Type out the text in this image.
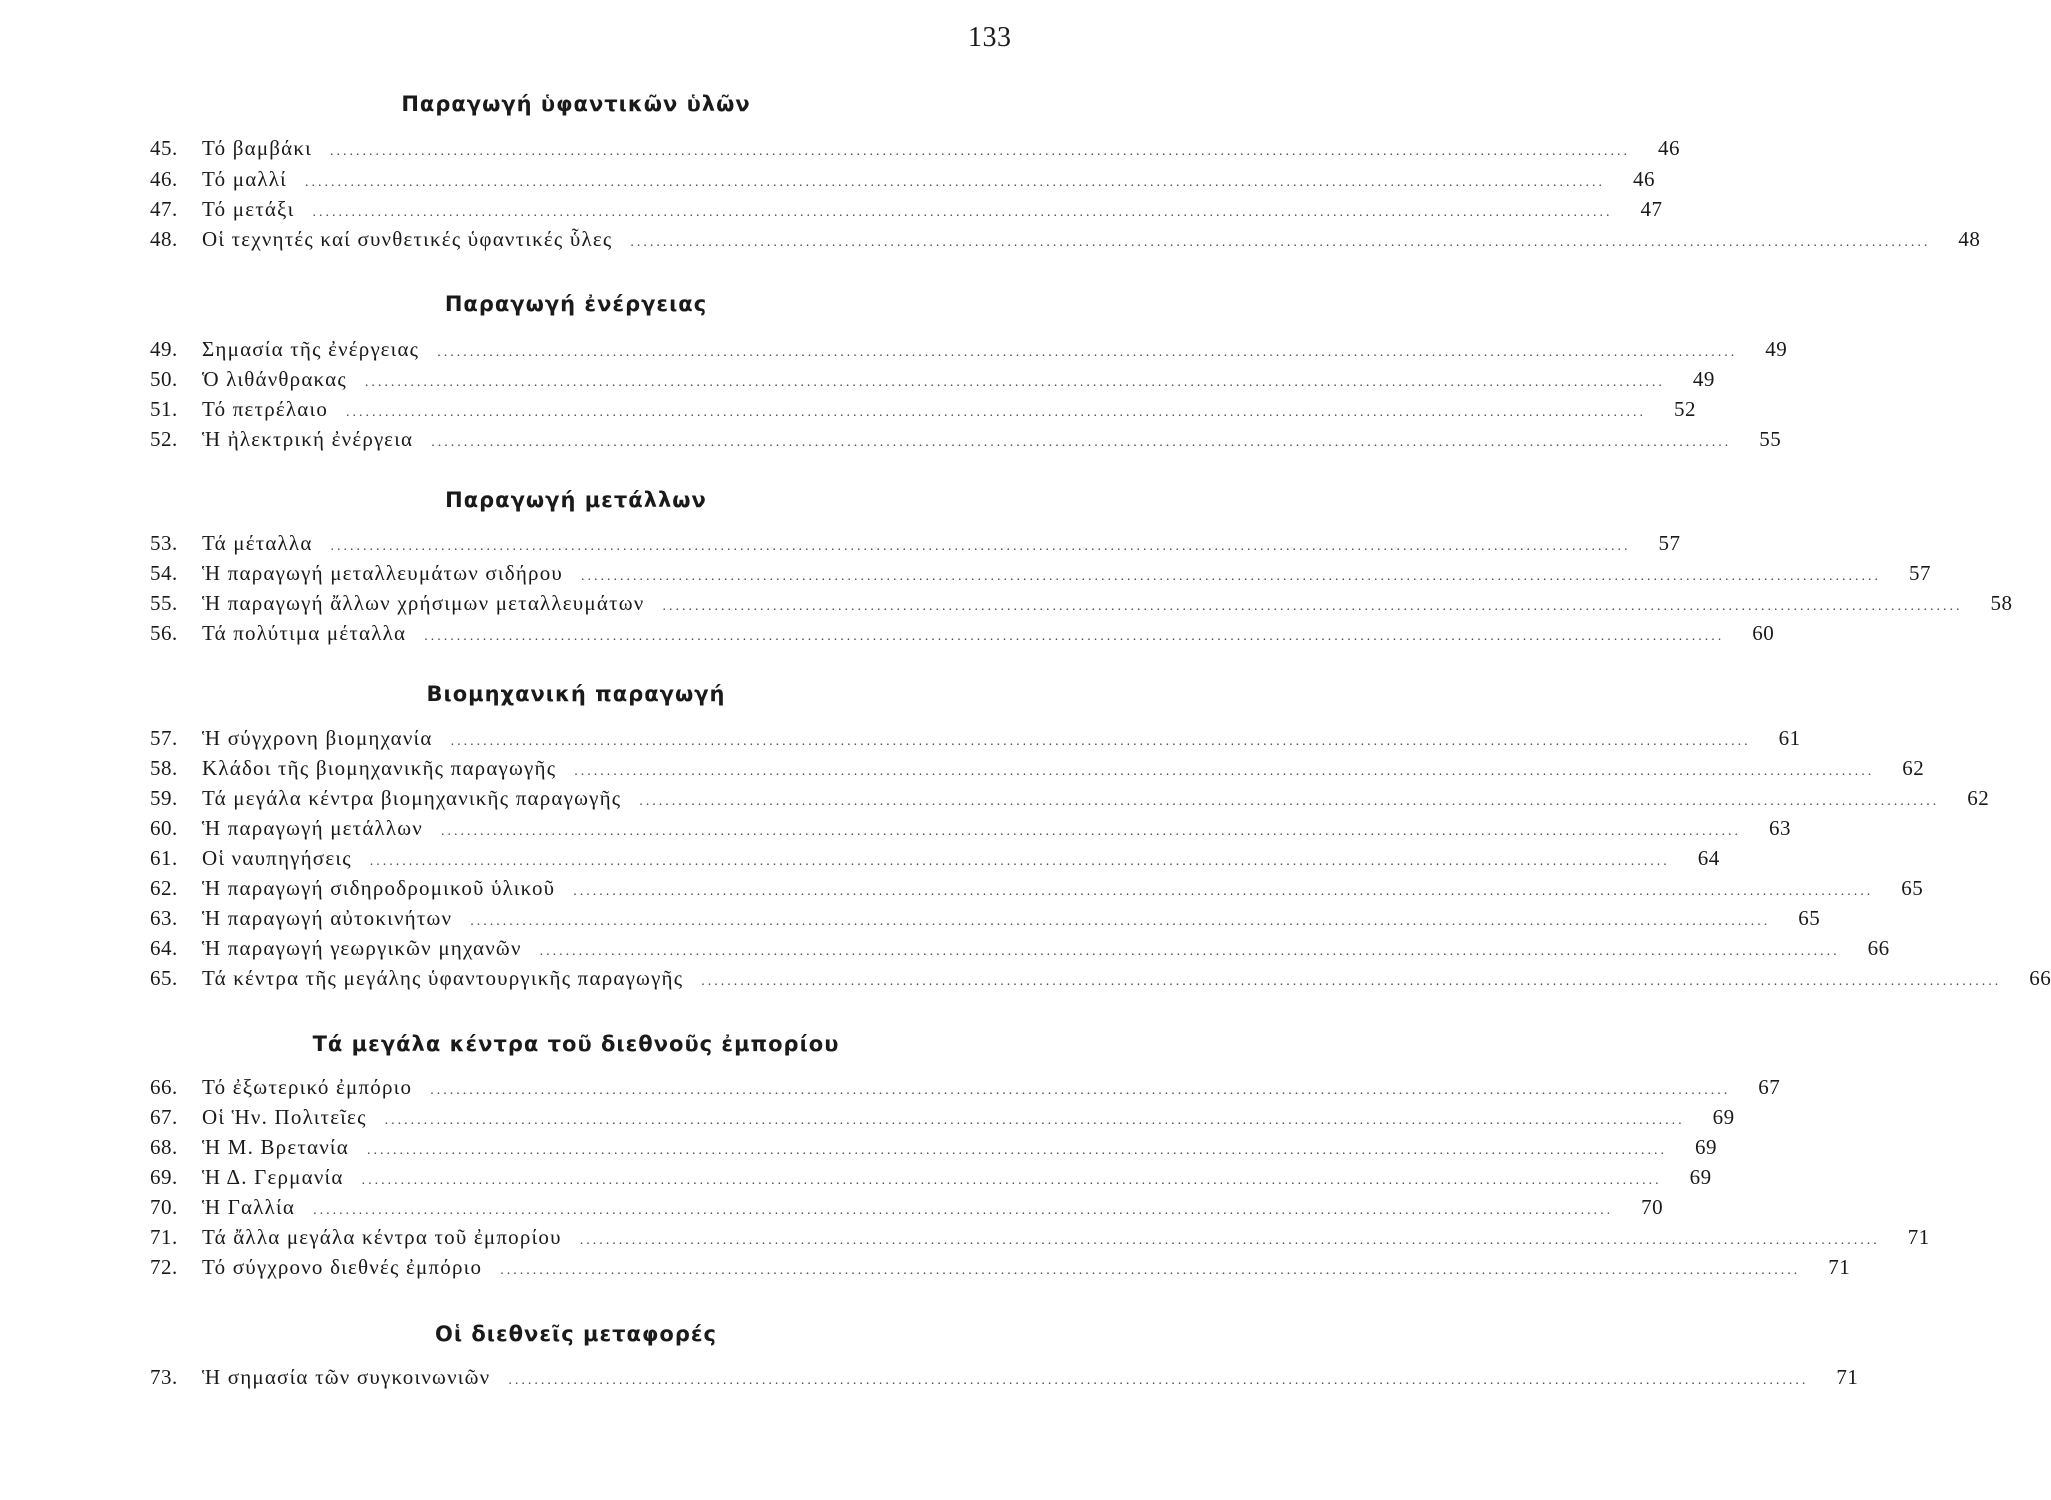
133
Παραγωγή ὑφαντικῶν ὑλῶν
45.	Τό βαμβάκι ........................................................................................................................................................................................................	46
46.	Τό μαλλί ........................................................................................................................................................................................................	46
47.	Τό μετάξι ........................................................................................................................................................................................................	47
48.	Οἱ τεχνητές καί συνθετικές ὑφαντικές ὗλες ........................................................................................................................................................................................................	48
Παραγωγή ἐνέργειας
49.	Σημασία τῆς ἐνέργειας ........................................................................................................................................................................................................	49
50.	Ὁ λιθάνθρακας ........................................................................................................................................................................................................	49
51.	Τό πετρέλαιο ........................................................................................................................................................................................................	52
52.	Ἡ ἠλεκτρική ἐνέργεια ........................................................................................................................................................................................................	55
Παραγωγή μετάλλων
53.	Τά μέταλλα ........................................................................................................................................................................................................	57
54.	Ἡ παραγωγή μεταλλευμάτων σιδήρου ........................................................................................................................................................................................................	57
55.	Ἡ παραγωγή ἄλλων χρήσιμων μεταλλευμάτων ........................................................................................................................................................................................................	58
56.	Τά πολύτιμα μέταλλα ........................................................................................................................................................................................................	60
Βιομηχανική παραγωγή
57.	Ἡ σύγχρονη βιομηχανία ........................................................................................................................................................................................................	61
58.	Κλάδοι τῆς βιομηχανικῆς παραγωγῆς ........................................................................................................................................................................................................	62
59.	Τά μεγάλα κέντρα βιομηχανικῆς παραγωγῆς ........................................................................................................................................................................................................	62
60.	Ἡ παραγωγή μετάλλων ........................................................................................................................................................................................................	63
61.	Οἱ ναυπηγήσεις ........................................................................................................................................................................................................	64
62.	Ἡ παραγωγή σιδηροδρομικοῦ ὑλικοῦ ........................................................................................................................................................................................................	65
63.	Ἡ παραγωγή αὐτοκινήτων ........................................................................................................................................................................................................	65
64.	Ἡ παραγωγή γεωργικῶν μηχανῶν ........................................................................................................................................................................................................	66
65.	Τά κέντρα τῆς μεγάλης ὑφαντουργικῆς παραγωγῆς ........................................................................................................................................................................................................	66
Τά μεγάλα κέντρα τοῦ διεθνοῦς ἐμπορίου
66.	Τό ἐξωτερικό ἐμπόριο ........................................................................................................................................................................................................	67
67.	Οἱ Ἡν. Πολιτεῖες ........................................................................................................................................................................................................	69
68.	Ἡ Μ. Βρετανία ........................................................................................................................................................................................................	69
69.	Ἡ Δ. Γερμανία ........................................................................................................................................................................................................	69
70.	Ἡ Γαλλία ........................................................................................................................................................................................................	70
71.	Τά ἄλλα μεγάλα κέντρα τοῦ ἐμπορίου ........................................................................................................................................................................................................	71
72.	Τό σύγχρονο διεθνές ἐμπόριο ........................................................................................................................................................................................................	71
Οἱ διεθνεῖς μεταφορές
73.	Ἡ σημασία τῶν συγκοινωνιῶν ........................................................................................................................................................................................................	71
